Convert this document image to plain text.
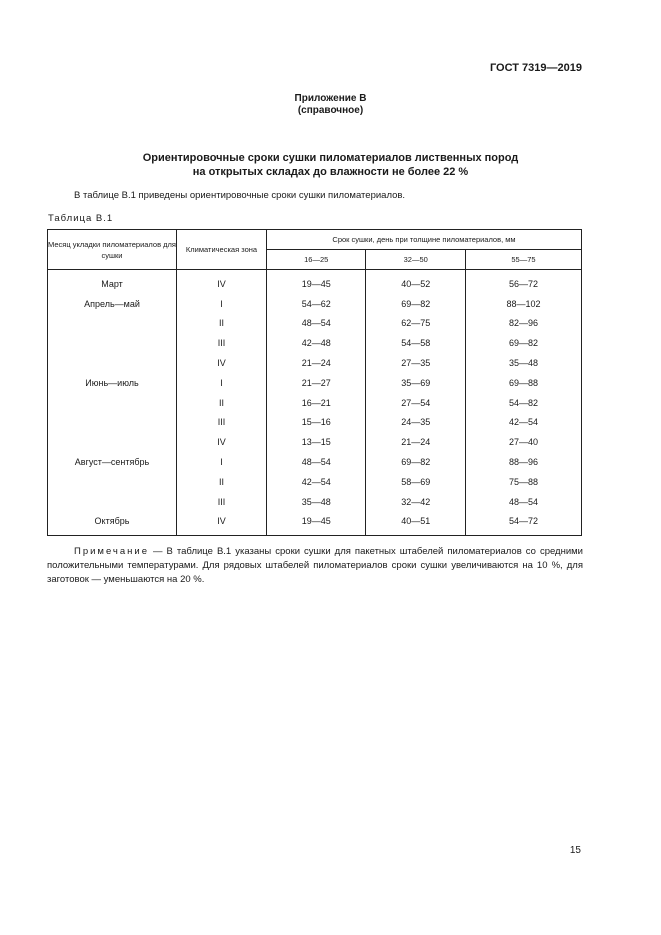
ГОСТ 7319—2019
Приложение В
(справочное)
Ориентировочные сроки сушки пиломатериалов лиственных пород
на открытых складах до влажности не более 22 %
В таблице В.1 приведены ориентировочные сроки сушки пиломатериалов.
Таблица В.1
Месяц укладки пиломатериалов для сушки	Климатическая зона	Срок сушки, день при толщине пиломатериалов, мм		
		16—25	32—50	55—75
Март	IV	19—45	40—52	56—72
Апрель—май	I	54—62	69—82	88—102
	II	48—54	62—75	82—96
	III	42—48	54—58	69—82
	IV	21—24	27—35	35—48
Июнь—июль	I	21—27	35—69	69—88
	II	16—21	27—54	54—82
	III	15—16	24—35	42—54
	IV	13—15	21—24	27—40
Август—сентябрь	I	48—54	69—82	88—96
	II	42—54	58—69	75—88
	III	35—48	32—42	48—54
Октябрь	IV	19—45	40—51	54—72
Примечание — В таблице В.1 указаны сроки сушки для пакетных штабелей пиломатериалов со средними положительными температурами. Для рядовых штабелей пиломатериалов сроки сушки увеличиваются на 10 %, для заготовок — уменьшаются на 20 %.
15
